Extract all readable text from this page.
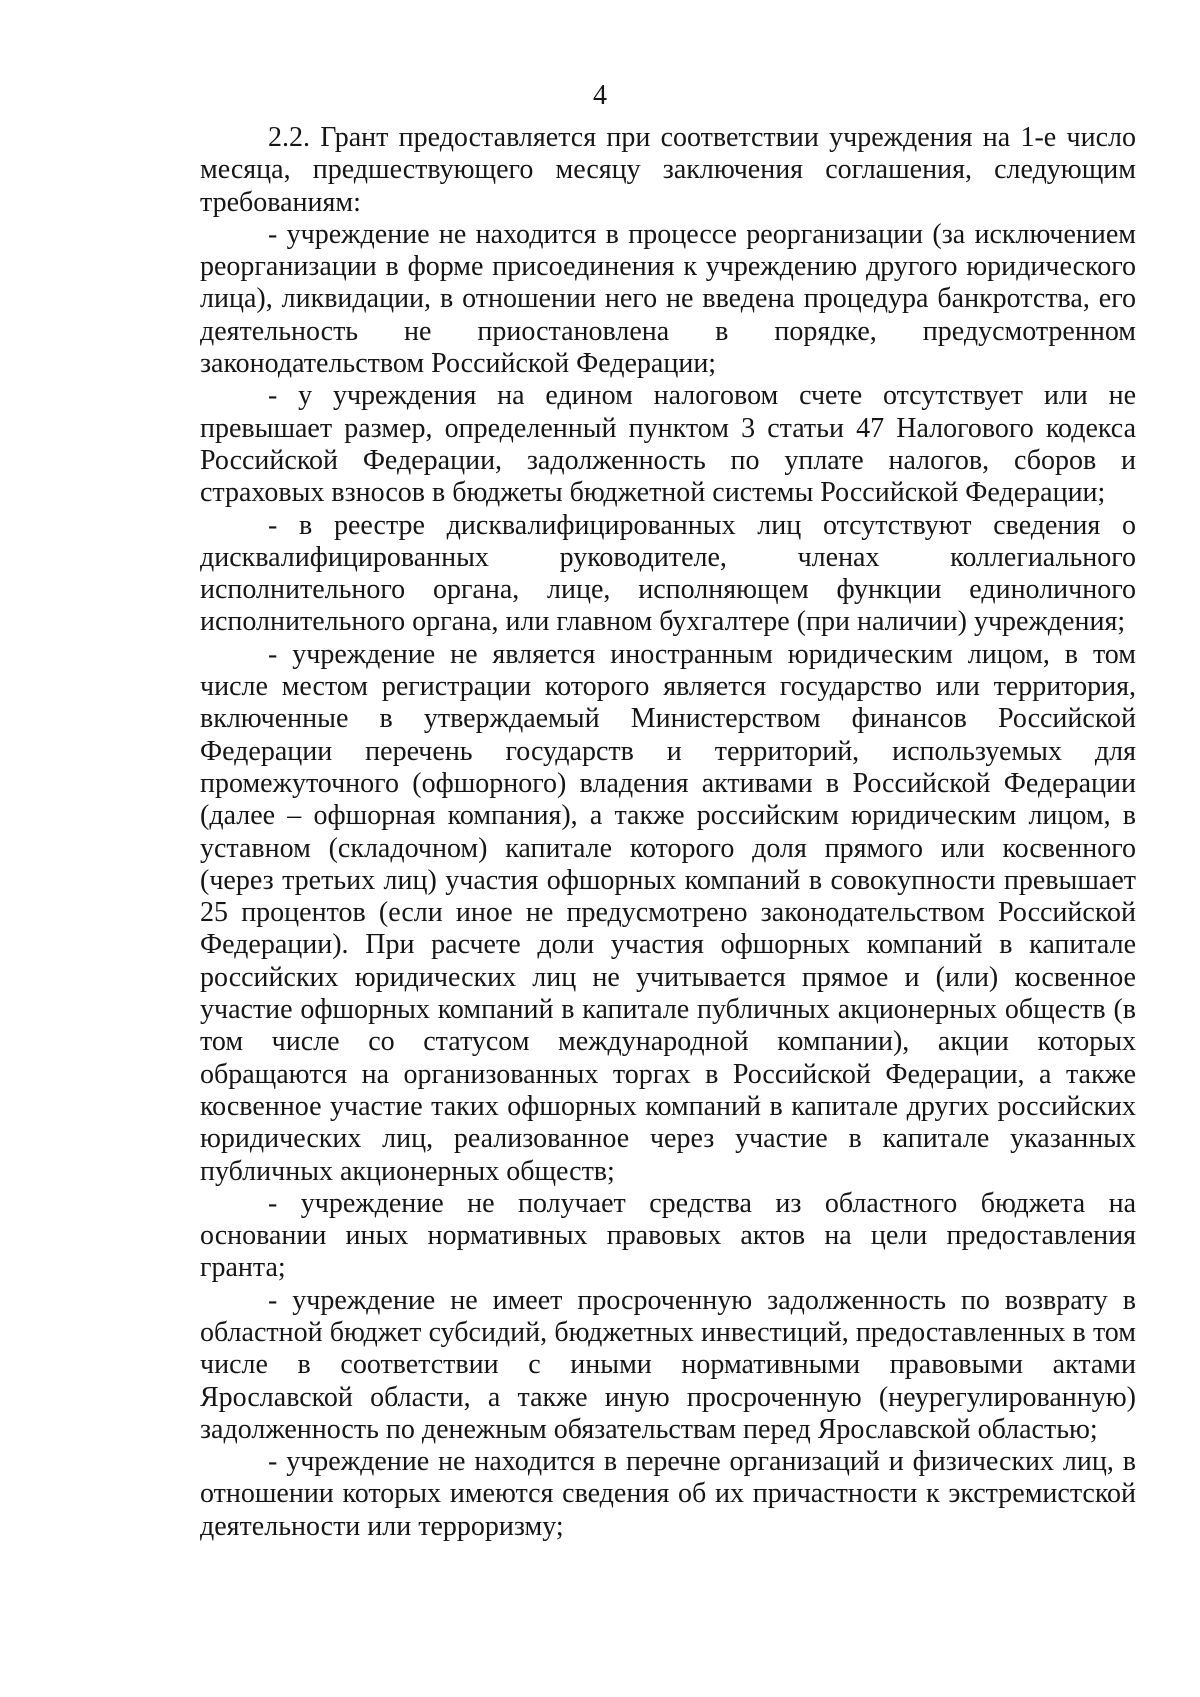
4

2.2. Грант предоставляется при соответствии учреждения на 1-е число месяца, предшествующего месяцу заключения соглашения, следующим требованиям:

- учреждение не находится в процессе реорганизации (за исключением реорганизации в форме присоединения к учреждению другого юридического лица), ликвидации, в отношении него не введена процедура банкротства, его деятельность не приостановлена в порядке, предусмотренном законодательством Российской Федерации;

- у учреждения на едином налоговом счете отсутствует или не превышает размер, определенный пунктом 3 статьи 47 Налогового кодекса Российской Федерации, задолженность по уплате налогов, сборов и страховых взносов в бюджеты бюджетной системы Российской Федерации;

- в реестре дисквалифицированных лиц отсутствуют сведения о дисквалифицированных руководителе, членах коллегиального исполнительного органа, лице, исполняющем функции единоличного исполнительного органа, или главном бухгалтере (при наличии) учреждения;

- учреждение не является иностранным юридическим лицом, в том числе местом регистрации которого является государство или территория, включенные в утверждаемый Министерством финансов Российской Федерации перечень государств и территорий, используемых для промежуточного (офшорного) владения активами в Российской Федерации (далее – офшорная компания), а также российским юридическим лицом, в уставном (складочном) капитале которого доля прямого или косвенного (через третьих лиц) участия офшорных компаний в совокупности превышает 25 процентов (если иное не предусмотрено законодательством Российской Федерации). При расчете доли участия офшорных компаний в капитале российских юридических лиц не учитывается прямое и (или) косвенное участие офшорных компаний в капитале публичных акционерных обществ (в том числе со статусом международной компании), акции которых обращаются на организованных торгах в Российской Федерации, а также косвенное участие таких офшорных компаний в капитале других российских юридических лиц, реализованное через участие в капитале указанных публичных акционерных обществ;

- учреждение не получает средства из областного бюджета на основании иных нормативных правовых актов на цели предоставления гранта;

- учреждение не имеет просроченную задолженность по возврату в областной бюджет субсидий, бюджетных инвестиций, предоставленных в том числе в соответствии с иными нормативными правовыми актами Ярославской области, а также иную просроченную (неурегулированную) задолженность по денежным обязательствам перед Ярославской областью;

- учреждение не находится в перечне организаций и физических лиц, в отношении которых имеются сведения об их причастности к экстремистской деятельности или терроризму;
